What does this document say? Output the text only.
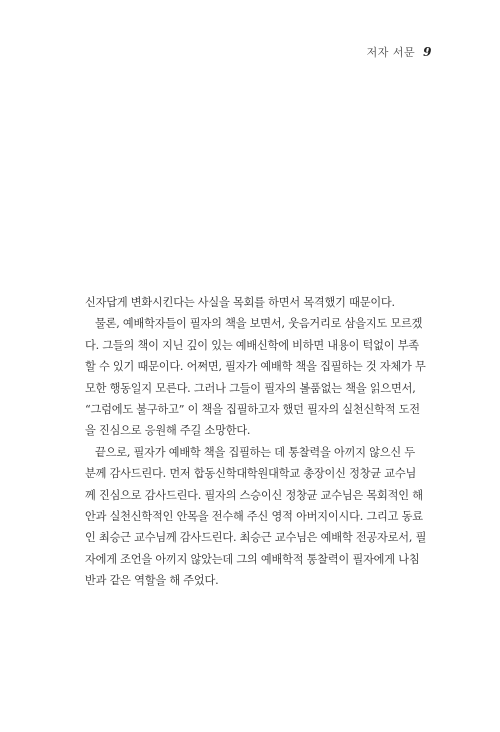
저자 서문 9
신자답게 변화시킨다는 사실을 목회를 하면서 목격했기 때문이다.
물론, 예배학자들이 필자의 책을 보면서, 웃음거리로 삼을지도 모르겠
다. 그들의 책이 지닌 깊이 있는 예배신학에 비하면 내용이 턱없이 부족
할 수 있기 때문이다. 어쩌면, 필자가 예배학 책을 집필하는 것 자체가 무
모한 행동일지 모른다. 그러나 그들이 필자의 볼품없는 책을 읽으면서,
“그럼에도 불구하고” 이 책을 집필하고자 했던 필자의 실천신학적 도전
을 진심으로 응원해 주길 소망한다.
끝으로, 필자가 예배학 책을 집필하는 데 통찰력을 아끼지 않으신 두
분께 감사드린다. 먼저 합동신학대학원대학교 총장이신 정창균 교수님
께 진심으로 감사드린다. 필자의 스승이신 정창균 교수님은 목회적인 해
안과 실천신학적인 안목을 전수해 주신 영적 아버지이시다. 그리고 동료
인 최승근 교수님께 감사드린다. 최승근 교수님은 예배학 전공자로서, 필
자에게 조언을 아끼지 않았는데 그의 예배학적 통찰력이 필자에게 나침
반과 같은 역할을 해 주었다.
